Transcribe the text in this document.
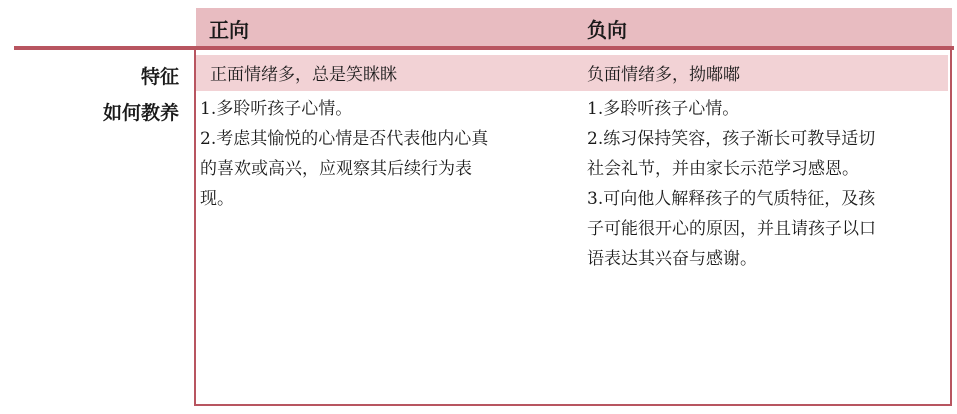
正向	负向
特征
如何教养
正面情绪多，总是笑眯眯	负面情绪多，拗嘟嘟
1.多聆听孩子心情。
2.考虑其愉悦的心情是否代表他内心真的喜欢或高兴，应观察其后续行为表现。
1.多聆听孩子心情。
2.练习保持笑容，孩子渐长可教导适切社会礼节，并由家长示范学习感恩。
3.可向他人解释孩子的气质特征，及孩子可能很开心的原因，并且请孩子以口语表达其兴奋与感谢。
